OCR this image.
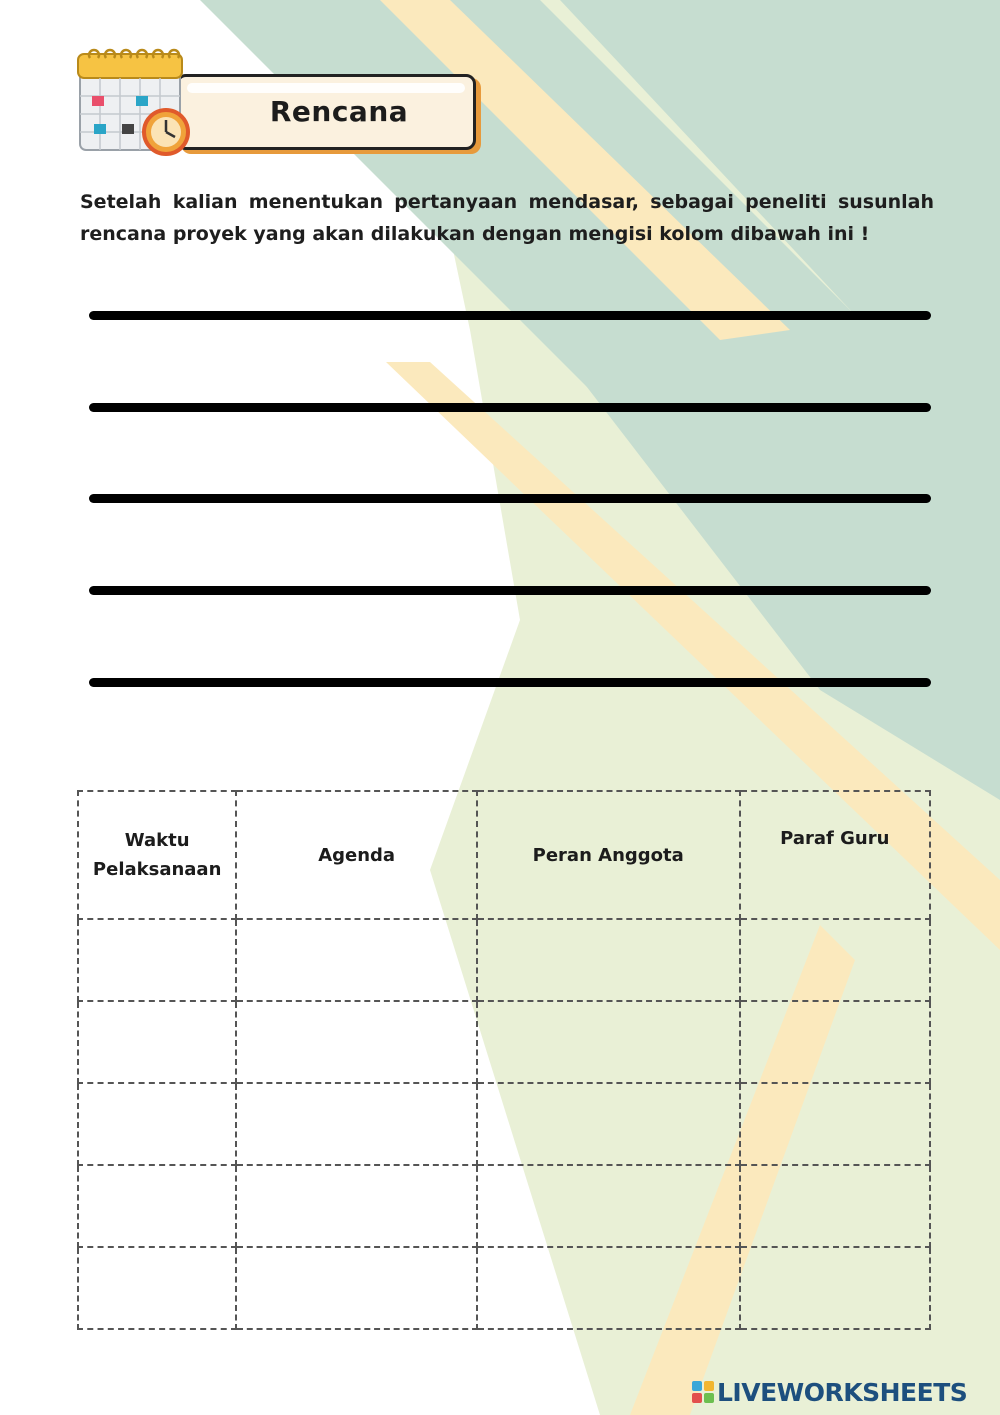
Rencana
Setelah kalian menentukan pertanyaan mendasar, sebagai peneliti susunlah rencana proyek yang akan dilakukan dengan mengisi kolom dibawah ini !
Waktu Pelaksanaan	Agenda	Peran Anggota	Paraf Guru

LIVEWORKSHEETS
